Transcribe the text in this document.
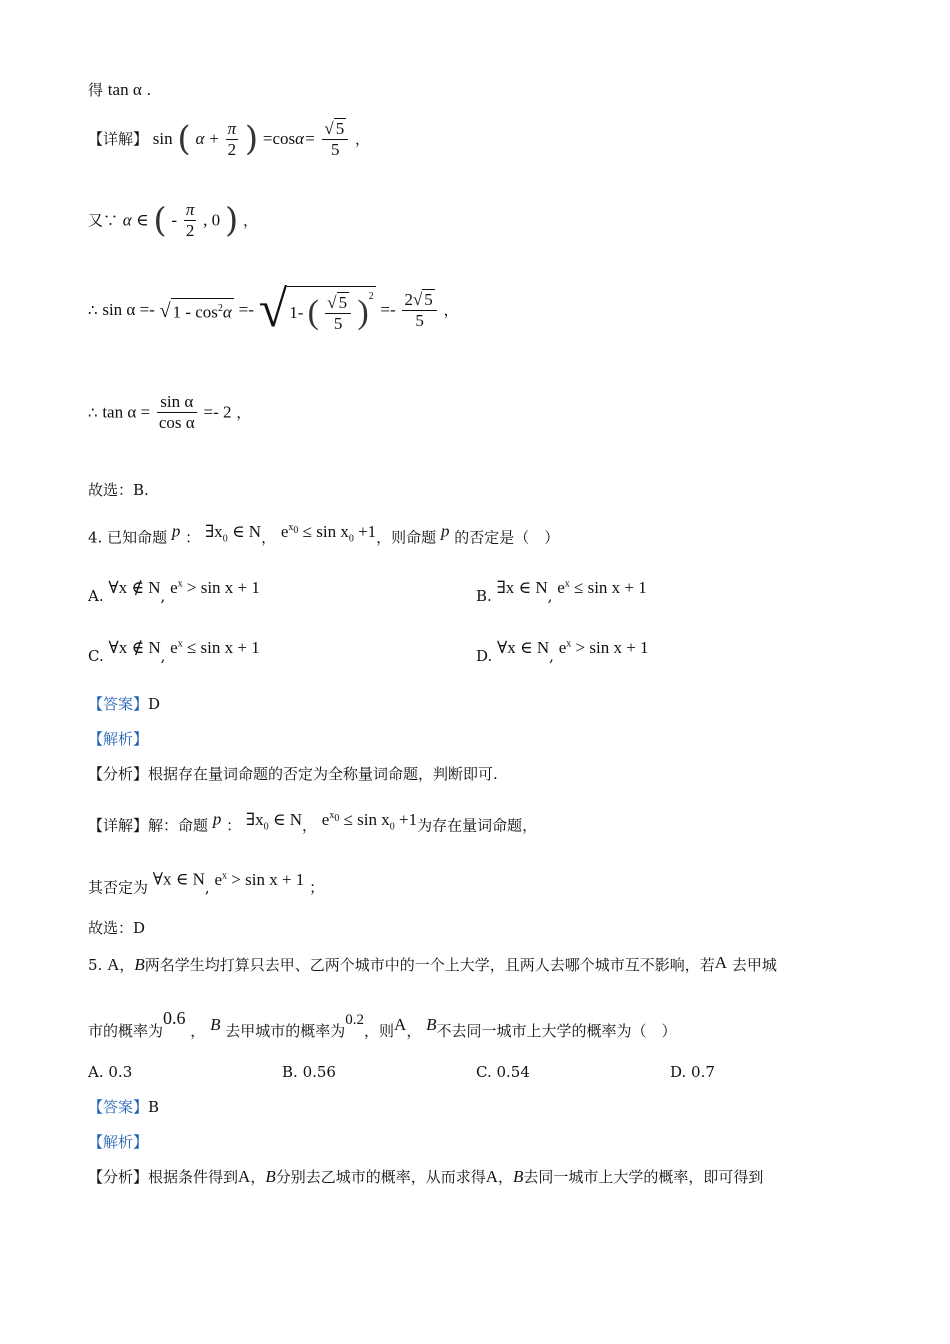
得 tan α .
【详解】 sin ( $\alpha + \frac{\pi}{2}$ ) $=\cos\alpha= \frac{√ 5}{5}$ ，
又∵ α ∈ ( - $\frac{\pi}{2}$ , 0 ) ，
∴ sin α =- √ $1 - \cos^2\alpha$ =- √ 1- ( $\frac{√ 5}{5} )^2 =- \frac{2√ 5}{5}$ ，
∴ $\tan \alpha = \frac{\text{sin α}}{\text{cos α}} =- 2$ ，
故选：B.
4. 已知命题 p ： $\exists x_0$ ∈ N， $e^{x_0} \le \sin x_0 +1$，则命题 p 的否定是（　）
A. ∀x ∉ N, $e^x > \sin x + 1$	B. ∃x ∈ N, $e^x \le \sin x + 1$
C. ∀x ∉ N, $e^x \le \sin x + 1$	D. ∀x ∈ N, $e^x > \sin x + 1$
【答案】D
【解析】
【分析】根据存在量词命题的否定为全称量词命题，判断即可.
【详解】解：命题 p ： $\exists x_0$ ∈ N， $e^{x_0} \le \sin x_0 +1$为存在量词命题，
其否定为 ∀x ∈ N, $e^x > \sin x + 1$ ；
故选：D
5. A，B两名学生均打算只去甲、乙两个城市中的一个上大学，且两人去哪个城市互不影响，若A 去甲城
市的概率为0.6 ， B 去甲城市的概率为0.2，则A， B不去同一城市上大学的概率为（　）
A. 0.3	B. 0.56	C. 0.54	D. 0.7
【答案】B
【解析】
【分析】根据条件得到A，B分别去乙城市的概率，从而求得A，B去同一城市上大学的概率，即可得到
